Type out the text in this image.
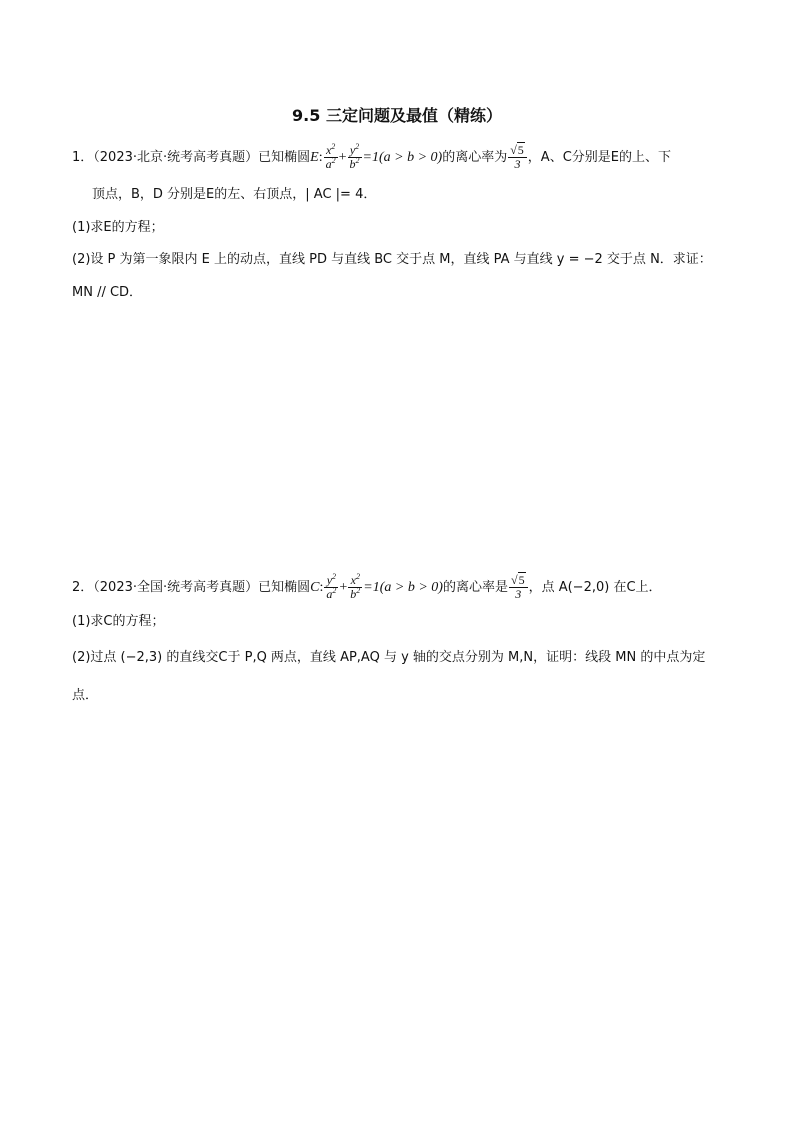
9.5 三定问题及最值（精练）
1．（2023·北京·统考高考真题）已知椭圆E: $\frac{x^2}{a^2} + \frac{y^2}{b^2} =1(a > b > 0)$的离心率为 $\frac{√5}{3}$ ，A、C分别是E的上、下
顶点，B，D 分别是E的左、右顶点，| AC |= 4．
(1)求E的方程；
(2)设 P 为第一象限内 E 上的动点，直线 PD 与直线 BC 交于点 M，直线 PA 与直线 y = −2 交于点 N．求证：
MN // CD．
2．（2023·全国·统考高考真题）已知椭圆C: $\frac{y^2}{a^2} + \frac{x^2}{b^2} =1(a > b > 0)$的离心率是 $\frac{√5}{3}$ ，点 A(−2,0) 在C上．
(1)求C的方程；
(2)过点 (−2,3) 的直线交C于 P,Q 两点，直线 AP,AQ 与 y 轴的交点分别为 M,N，证明：线段 MN 的中点为定
点．
